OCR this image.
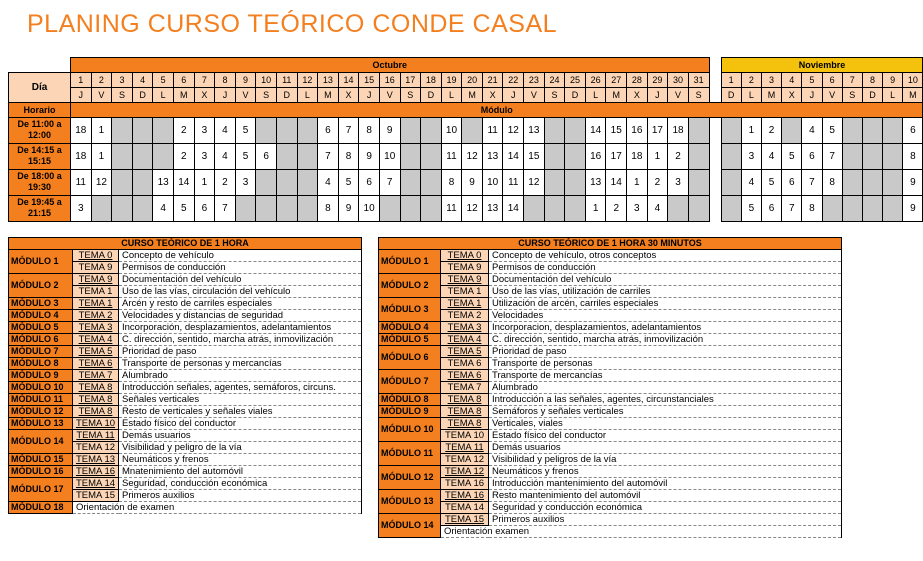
PLANING CURSO TEÓRICO CONDE CASAL
	Octubre																																Noviembre									
Día	1	2	3	4	5	6	7	8	9	10	11	12	13	14	15	16	17	18	19	20	21	22	23	24	25	26	27	28	29	30	31		1	2	3	4	5	6	7	8	9	10
	J	V	S	D	L	M	X	J	V	S	D	L	M	X	J	V	S	D	L	M	X	J	V	S	D	L	M	X	J	V	S		D	L	M	X	J	V	S	D	L	M
Horario	Módulo																																									
De 11:00 a 12:00	18	1				2	3	4	5				6	7	8	9			10		11	12	13			14	15	16	17	18				1	2		4	5				6
De 14:15 a 15:15	18	1				2	3	4	5	6			7	8	9	10			11	12	13	14	15			16	17	18	1	2				3	4	5	6	7				8
De 18:00 a 19:30	11	12			13	14	1	2	3				4	5	6	7			8	9	10	11	12			13	14	1	2	3				4	5	6	7	8				9
De 19:45 a 21:15	3				4	5	6	7					8	9	10				11	12	13	14				1	2	3	4					5	6	7	8					9
CURSO TEÓRICO DE 1 HORA		
MÓDULO 1	TEMA 0	Concepto de vehículo
	TEMA 9	Permisos de conducción
MÓDULO 2	TEMA 9	Documentación del vehículo
	TEMA 1	Uso de las vías, circulación del vehículo
MÓDULO 3	TEMA 1	Arcén y resto de carriles especiales
MÓDULO 4	TEMA 2	Velocidades y distancias de seguridad
MÓDULO 5	TEMA 3	Incorporación, desplazamientos, adelantamientos
MÓDULO 6	TEMA 4	C. dirección, sentido, marcha atrás, inmovilización
MÓDULO 7	TEMA 5	Prioridad de paso
MÓDULO 8	TEMA 6	Transporte de personas y mercancías
MÓDULO 9	TEMA 7	Alumbrado
MÓDULO 10	TEMA 8	Introducción señales, agentes, semáforos, circuns.
MÓDULO 11	TEMA 8	Señales verticales
MÓDULO 12	TEMA 8	Resto de verticales y señales viales
MÓDULO 13	TEMA 10	Estado físico del conductor
MÓDULO 14	TEMA 11	Demás usuarios
	TEMA 12	Visibilidad y peligro de la vía
MÓDULO 15	TEMA 13	Neumáticos y frenos
MÓDULO 16	TEMA 16	Mnatenimiento del automóvil
MÓDULO 17	TEMA 14	Seguridad, conducción económica
	TEMA 15	Primeros auxilios
MÓDULO 18	Orientación de examen	
CURSO TEÓRICO DE 1 HORA 30 MINUTOS		
MÓDULO 1	TEMA 0	Concepto de vehículo, otros conceptos
	TEMA 9	Permisos de conducción
MÓDULO 2	TEMA 9	Documentación del vehículo
	TEMA 1	Uso de las vías, utilización de carriles
MÓDULO 3	TEMA 1	Utilización de arcén, carriles especiales
	TEMA 2	Velocidades
MÓDULO 4	TEMA 3	Incorporacion, desplazamientos, adelantamientos
MÓDULO 5	TEMA 4	C. dirección, sentido, marcha atrás, inmovilización
MÓDULO 6	TEMA 5	Prioridad de paso
	TEMA 6	Transporte de personas
MÓDULO 7	TEMA 6	Transporte de mercancías
	TEMA 7	Alumbrado
MÓDULO 8	TEMA 8	Introducción a las señales, agentes, circunstanciales
MÓDULO 9	TEMA 8	Semáforos y señales verticales
MÓDULO 10	TEMA 8	Verticales, viales
	TEMA 10	Estado físico del conductor
MÓDULO 11	TEMA 11	Demás usuarios
	TEMA 12	Visibilidad y peligros de la vía
MÓDULO 12	TEMA 12	Neumáticos y frenos
	TEMA 16	Introducción mantenimiento del automóvil
MÓDULO 13	TEMA 16	Resto mantenimiento del automóvil
	TEMA 14	Seguridad y conducción económica
MÓDULO 14	TEMA 15	Primeros auxilios
	Orientación examen	
